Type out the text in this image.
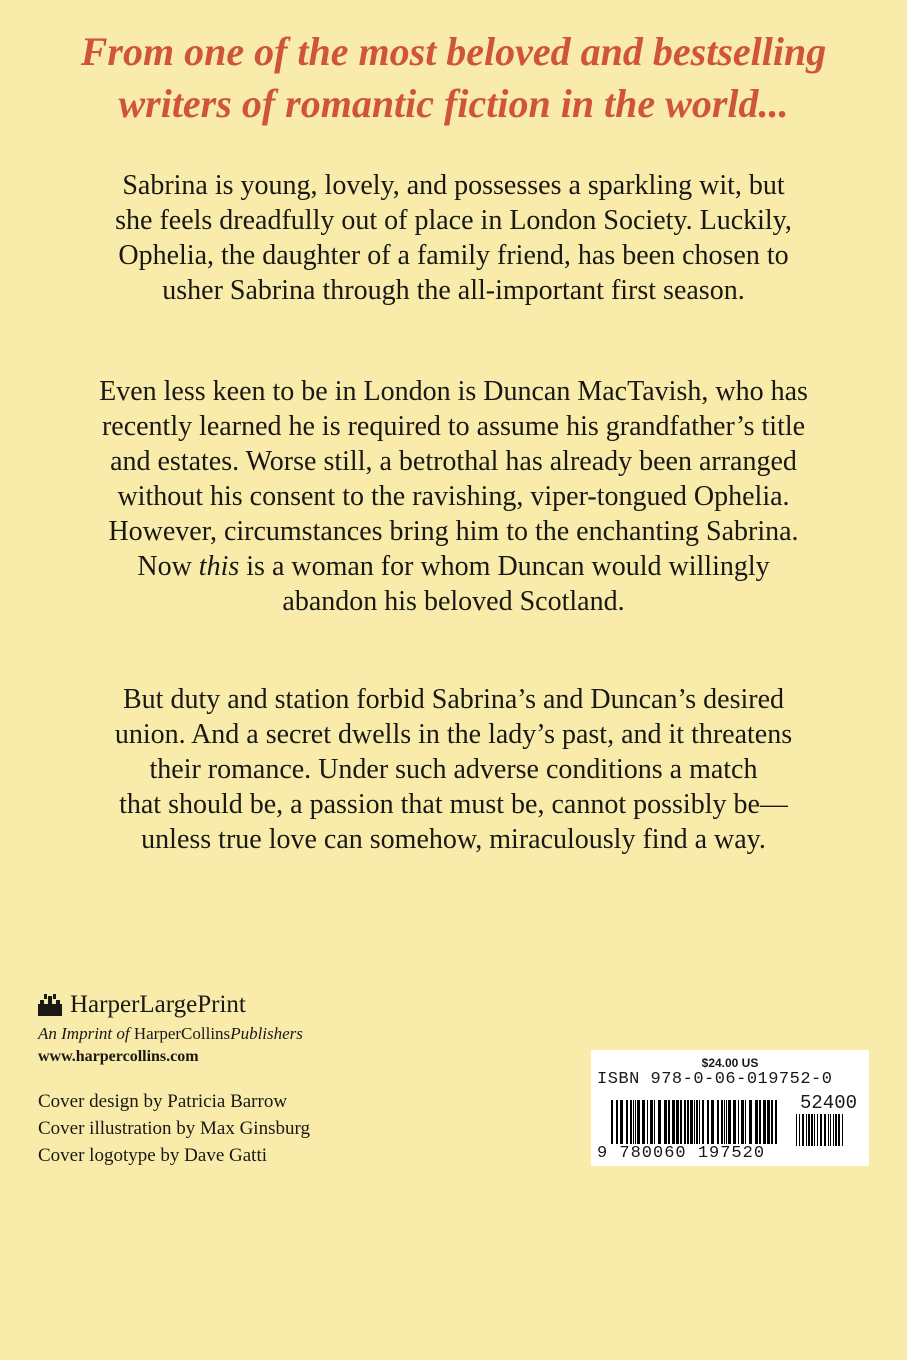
From one of the most beloved and bestselling
writers of romantic fiction in the world...
Sabrina is young, lovely, and possesses a sparkling wit, but
she feels dreadfully out of place in London Society. Luckily,
Ophelia, the daughter of a family friend, has been chosen to
usher Sabrina through the all-important first season.
Even less keen to be in London is Duncan MacTavish, who has
recently learned he is required to assume his grandfather’s title
and estates. Worse still, a betrothal has already been arranged
without his consent to the ravishing, viper-tongued Ophelia.
However, circumstances bring him to the enchanting Sabrina.
Now this is a woman for whom Duncan would willingly
abandon his beloved Scotland.
But duty and station forbid Sabrina’s and Duncan’s desired
union. And a secret dwells in the lady’s past, and it threatens
their romance. Under such adverse conditions a match
that should be, a passion that must be, cannot possibly be—
unless true love can somehow, miraculously find a way.
HarperLargePrint
An Imprint of HarperCollinsPublishers
www.harpercollins.com
Cover design by Patricia Barrow
Cover illustration by Max Ginsburg
Cover logotype by Dave Gatti
$24.00 US
ISBN 978-0-06-019752-0
52400
9 780060 197520
